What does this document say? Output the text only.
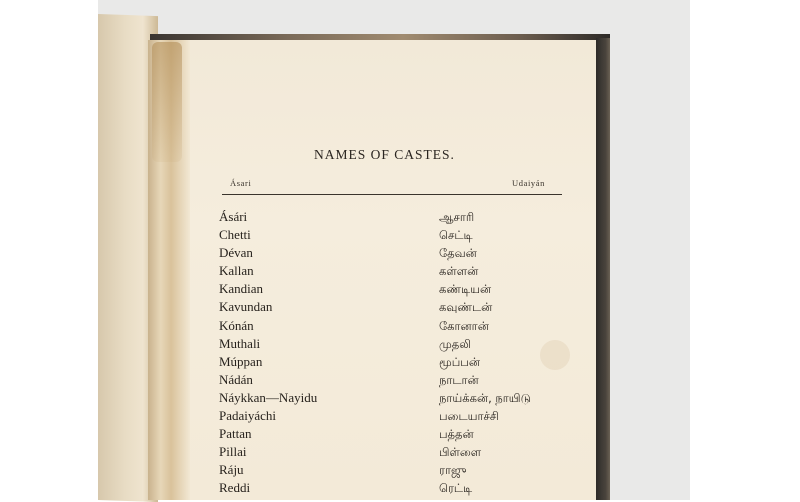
NAMES OF CASTES.
Ásari	Udaiyán
Ásári	ஆசாரி
Chetti	செட்டி
Dévan	தேவன்
Kallan	கள்ளன்
Kandian	கண்டியன்
Kavundan	கவுண்டன்
Kónán	கோனான்
Muthali	முதலி
Múppan	மூப்பன்
Nádán	நாடான்
Náykkan—Nayidu	நாய்க்கன், நாயிடு
Padaiyáchi	படையாச்சி
Pattan	பத்தன்
Pillai	பிள்ளை
Ráju	ராஜு
Reddi	ரெட்டி
